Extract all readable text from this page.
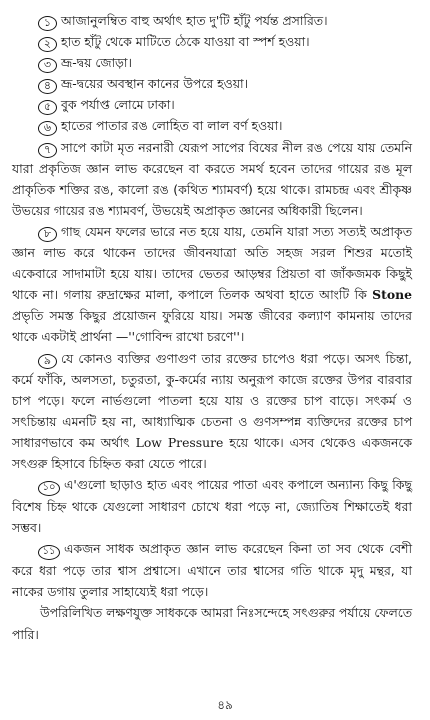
১ আজানুলম্বিত বাহু অর্থাৎ হাত দু'টি হাঁটু পর্যন্ত প্রসারিত।

২ হাত হাঁটু থেকে মাটিতে ঠেকে যাওয়া বা স্পর্শ হওয়া।

৩ ভ্রূ-দ্বয় জোড়া।

৪ ভ্রূ-দ্বয়ের অবস্থান কানের উপরে হওয়া।

৫ বুক পর্যাপ্ত লোমে ঢাকা।

৬ হাতের পাতার রঙ লোহিত বা লাল বর্ণ হওয়া।

৭ সাপে কাটা মৃত নরনারী যেরূপ সাপের বিষের নীল রঙ পেয়ে যায় তেমনি যারা প্রকৃতিজ জ্ঞান লাভ করেছেন বা করতে সমর্থ হবেন তাদের গায়ের রঙ মূল প্রাকৃতিক শক্তির রঙ, কালো রঙ (কথিত শ্যামবর্ণ) হয়ে থাকে। রামচন্দ্র এবং শ্রীকৃষ্ণ উভয়ের গায়ের রঙ শ্যামবর্ণ, উভয়েই অপ্রাকৃত জ্ঞানের অধিকারী ছিলেন।

৮ গাছ যেমন ফলের ভারে নত হয়ে যায়, তেমনি যারা সত্য সত্যই অপ্রাকৃত জ্ঞান লাভ করে থাকেন তাদের জীবনযাত্রা অতি সহজ সরল শিশুর মতোই একেবারে সাদামাটা হয়ে যায়। তাদের ভেতর আড়ম্বর প্রিয়তা বা জাঁকজমক কিছুই থাকে না। গলায় রুদ্রাক্ষের মালা, কপালে তিলক অথবা হাতে আংটি কি Stone প্রভৃতি সমস্ত কিছুর প্রয়োজন ফুরিয়ে যায়। সমস্ত জীবের কল্যাণ কামনায় তাদের থাকে একটাই প্রার্থনা —''গোবিন্দ রাখো চরণে''।

৯ যে কোনও ব্যক্তির গুণাগুণ তার রক্তের চাপেও ধরা পড়ে। অসৎ চিন্তা, কর্মে ফাঁকি, অলসতা, চতুরতা, কু-কর্মের ন্যায় অনুরূপ কাজে রক্তের উপর বারবার চাপ পড়ে। ফলে নার্ভগুলো পাতলা হয়ে যায় ও রক্তের চাপ বাড়ে। সৎকর্ম ও সৎচিন্তায় এমনটি হয় না, আধ্যাত্মিক চেতনা ও গুণসম্পন্ন ব্যক্তিদের রক্তের চাপ সাধারণভাবে কম অর্থাৎ Low Pressure হয়ে থাকে। এসব থেকেও একজনকে সৎগুরু হিসাবে চিহ্নিত করা যেতে পারে।

১০ এ'গুলো ছাড়াও হাত এবং পায়ের পাতা এবং কপালে অন্যান্য কিছু কিছু বিশেষ চিহ্ন থাকে যেগুলো সাধারণ চোখে ধরা পড়ে না, জ্যোতিষ শিক্ষাতেই ধরা সম্ভব।

১১ একজন সাধক অপ্রাকৃত জ্ঞান লাভ করেছেন কিনা তা সব থেকে বেশী করে ধরা পড়ে তার শ্বাস প্রশ্বাসে। এখানে তার শ্বাসের গতি থাকে মৃদু মন্থর, যা নাকের ডগায় তুলার সাহায্যেই ধরা পড়ে।

উপরিলিখিত লক্ষণযুক্ত সাধককে আমরা নিঃসন্দেহে সৎগুরুর পর্যায়ে ফেলতে পারি।

৪৯
